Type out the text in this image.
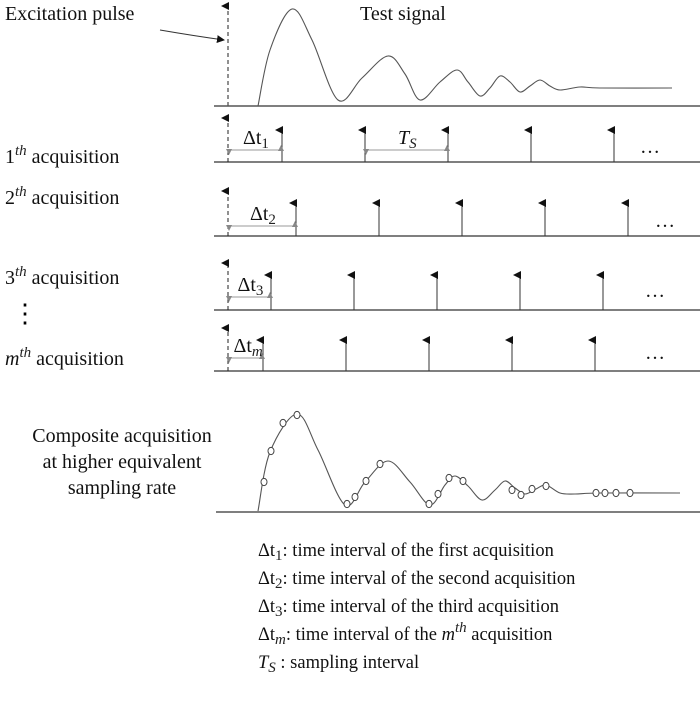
Excitation pulse	Test signal
1th acquisition
$\Delta t_1$	…
$T_S$
2th acquisition
$\Delta t_2$	…
3th acquisition	$\Delta t_3$	…
$m^{th}$ acquisition
$\Delta t_m$	…
⋮
Composite acquisition
at higher equivalent
sampling rate
$\Delta t_1$: time interval of the first acquisition
$\Delta t_2$: time interval of the second acquisition
$\Delta t_3$: time interval of the third acquisition
$\Delta t_m$: time interval of the $m^{th}$ acquisition
$T_S$ : sampling interval
